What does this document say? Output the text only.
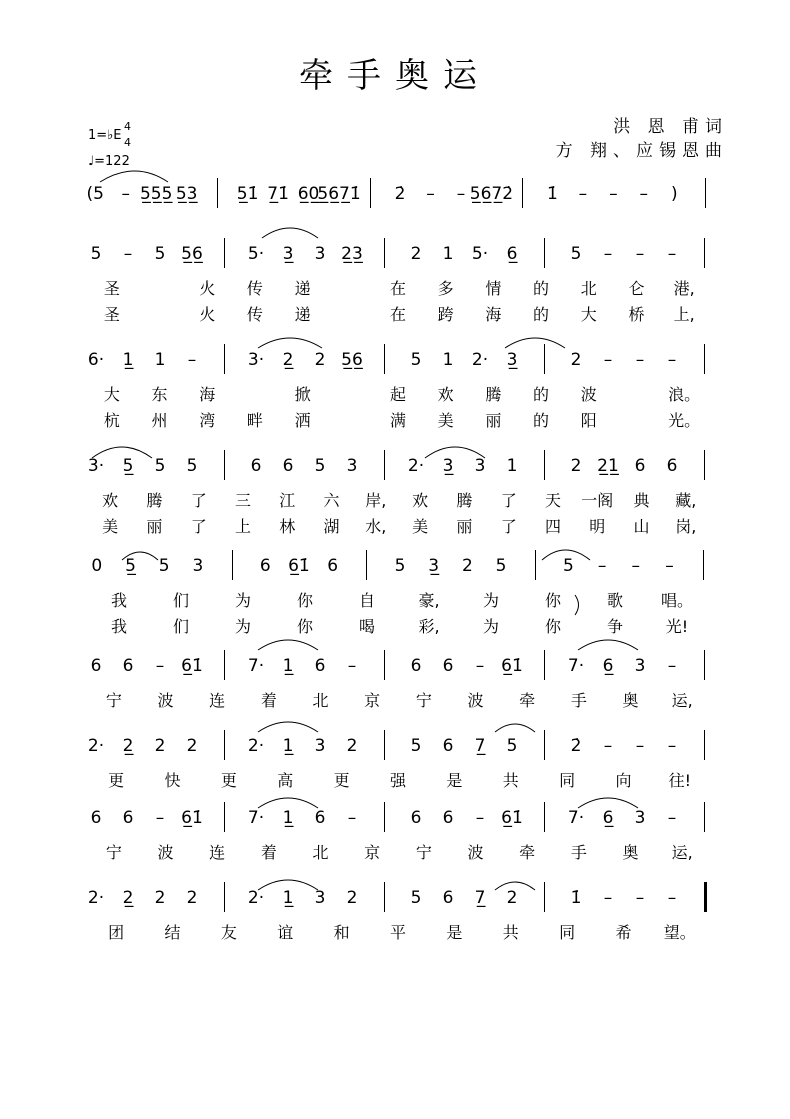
牵手奥运
洪 恩 甫词
方 翔、应锡恩曲
1=♭E
4
4
♩=122
(5 – 5̲5̲5̲ 5̲3̲ 5̲1̇ 7̲1̇ 6̲0̲
5̲6̲7̲1̇ 2̇ – – 5̲6̲7̲2̇ 1̇ – – – )
5 – 5 5̲6̲	5· 3̲ 3 2̲3̲	2 1 5· 6̲	5 – – –
圣	火 传 递	在 多 情 的 北 仑 港,
圣	火 传 递	在 跨 海 的 大 桥 上,
6· 1̲ 1 –	3· 2̲ 2 5̲6̲	5 1 2· 3̲	2 – – –
大 东 海	掀	起 欢 腾 的 波	浪。
杭 州 湾 畔 洒	满 美 丽 的 阳	光。
3· 5̲ 5 5	6 6 5 3	2· 3̲ 3 1	2 2̲1̲ 6 6
欢 腾 了 三 江 六 岸, 欢 腾 了 天 一阁 典 藏,
美 丽 了 上 林 湖 水, 美 丽 了 四 明 山 岗,
0 5̲ 5 3	6 6̲1̇ 6	5 3̲ 2 5	5 – – –
我	们	为	你	自	豪,	为	你	歌 唱。
我	们	为	你	喝	彩,	为	你	争	光!
6 6 – 6̲1̇	7· 1̲ 6 –	6 6 – 6̲1̇	7· 6̲ 3 –
宁 波 连 着 北 京 宁 波 牵 手 奥 运,
2· 2̲ 2 2	2· 1̲ 3 2	5 6 7̲ 5	2̇ – – –
更	快	更	高	更	强	是	共	同	向 往!
6 6 – 6̲1̇	7· 1̲ 6 –	6 6 – 6̲1̇	7· 6̲ 3 –
宁 波 连 着 北 京 宁 波 牵 手 奥 运,
2· 2̲ 2 2	2· 1̲ 3 2	5 6 7̲ 2	1̇ – – –
团	结	友	谊	和	平	是	共	同	希 望。
